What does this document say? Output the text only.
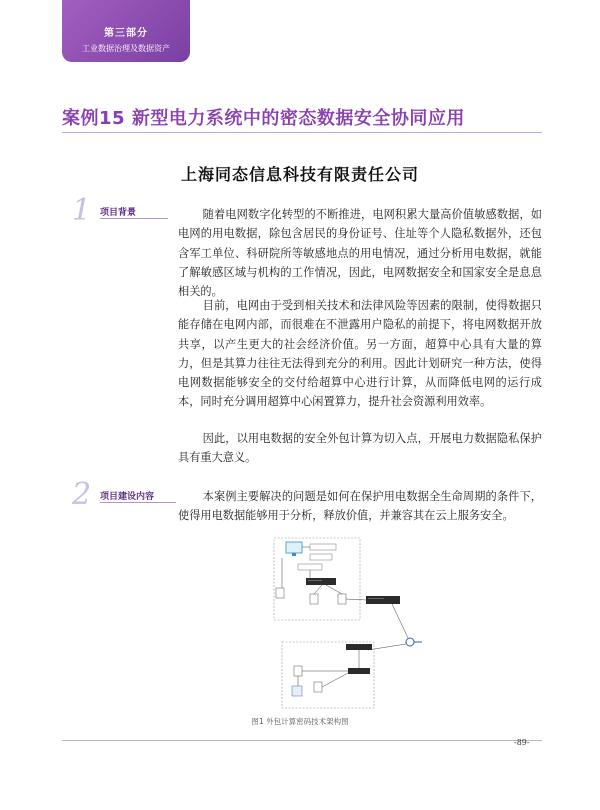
第三部分
工业数据治理及数据资产
案例15 新型电力系统中的密态数据安全协同应用
上海同态信息科技有限责任公司
1 项目背景	随着电网数字化转型的不断推进，电网积累大量高价值敏感数据，如电网的用电数据，除包含居民的身份证号、住址等个人隐私数据外，还包含军工单位、科研院所等敏感地点的用电情况，通过分析用电数据，就能了解敏感区域与机构的工作情况，因此，电网数据安全和国家安全是息息相关的。

目前，电网由于受到相关技术和法律风险等因素的限制，使得数据只能存储在电网内部，而很难在不泄露用户隐私的前提下，将电网数据开放共享，以产生更大的社会经济价值。另一方面，超算中心具有大量的算力，但是其算力往往无法得到充分的利用。因此计划研究一种方法，使得电网数据能够安全的交付给超算中心进行计算，从而降低电网的运行成本，同时充分调用超算中心闲置算力，提升社会资源利用效率。

因此，以用电数据的安全外包计算为切入点，开展电力数据隐私保护具有重大意义。

2 项目建设内容	本案例主要解决的问题是如何在保护用电数据全生命周期的条件下，使得用电数据能够用于分析，释放价值，并兼容其在云上服务安全。

图1 外包计算密码技术架构图
-89-
